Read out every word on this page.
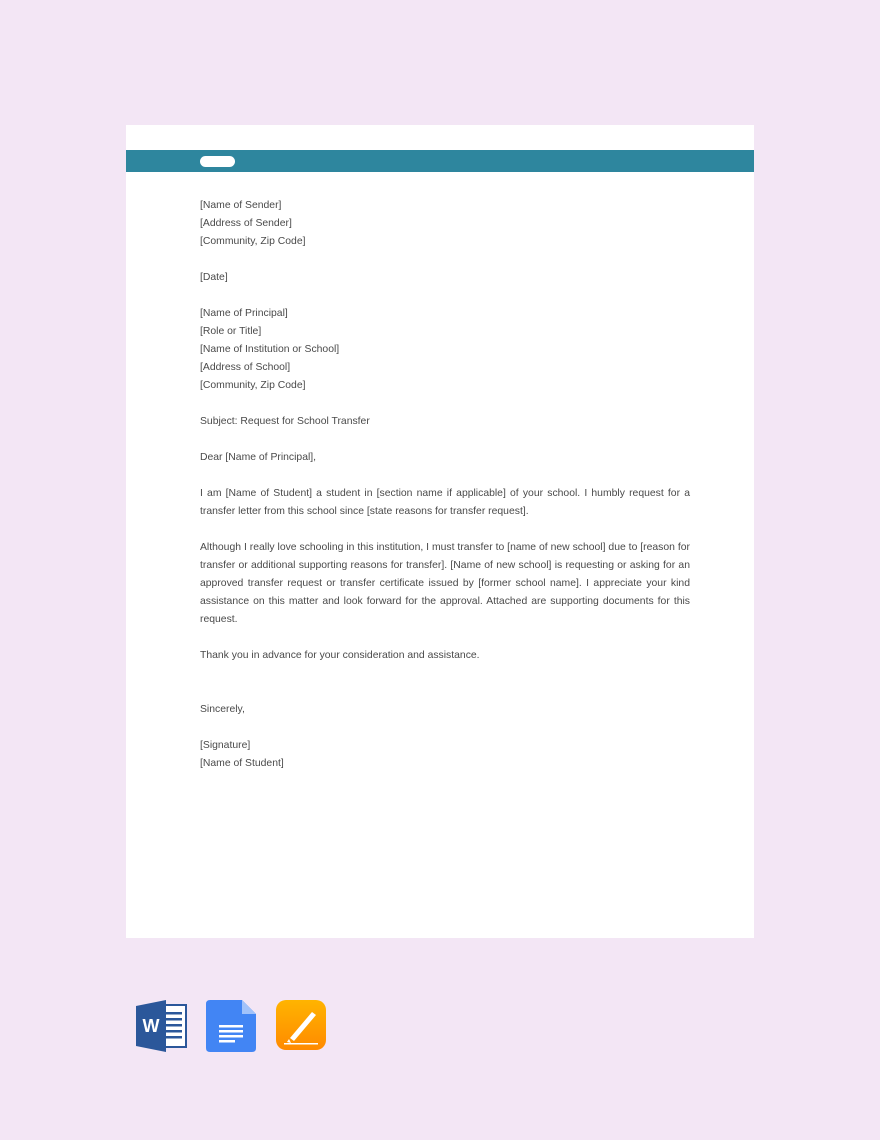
[Name of Sender]
[Address of Sender]
[Community, Zip Code]
[Date]
[Name of Principal]
[Role or Title]
[Name of Institution or School]
[Address of School]
[Community, Zip Code]
Subject: Request for School Transfer
Dear [Name of Principal],

I am [Name of Student] a student in [section name if applicable] of your school. I humbly request for a transfer letter from this school since [state reasons for transfer request].

Although I really love schooling in this institution, I must transfer to [name of new school] due to [reason for transfer or additional supporting reasons for transfer]. [Name of new school] is requesting or asking for an approved transfer request or transfer certificate issued by [former school name]. I appreciate your kind assistance on this matter and look forward for the approval. Attached are supporting documents for this request.

Thank you in advance for your consideration and assistance.

Sincerely,
[Signature]
[Name of Student]
W
